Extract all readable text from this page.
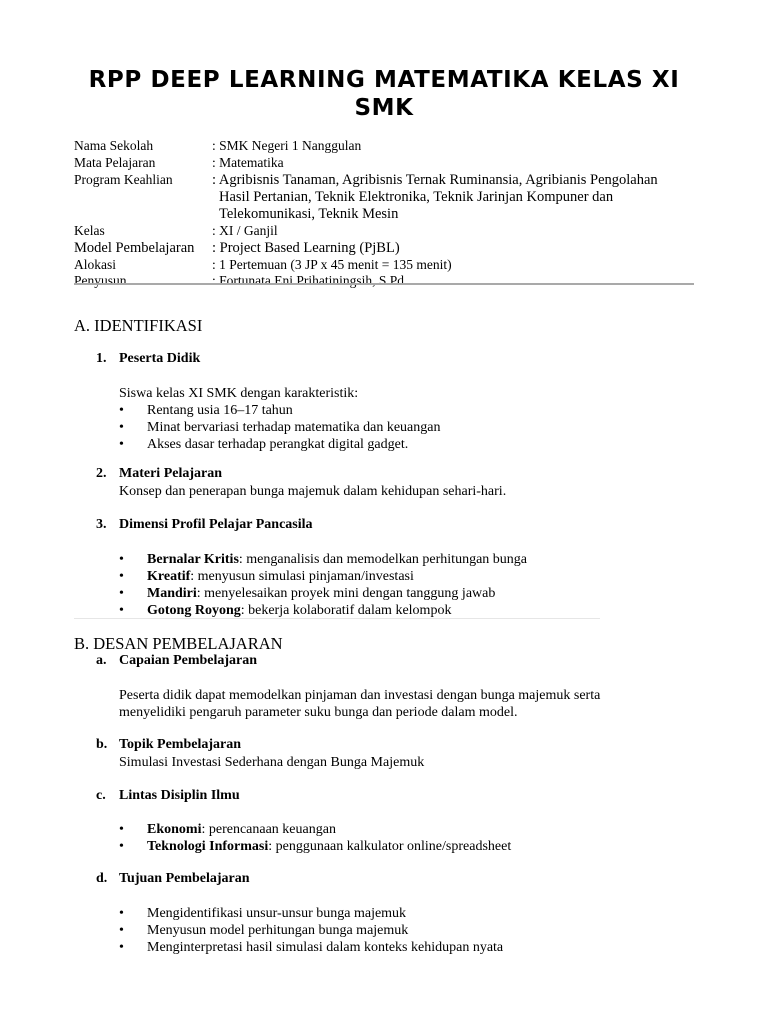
RPP DEEP LEARNING MATEMATIKA KELAS XI SMK
Nama Sekolah	: SMK Negeri 1 Nanggulan
Mata Pelajaran	: Matematika
Program Keahlian	: Agribisnis Tanaman, Agribisnis Ternak Ruminansia, Agribianis Pengolahan
Hasil Pertanian, Teknik Elektronika, Teknik Jarinjan Kompuner dan
Telekomunikasi, Teknik Mesin
Kelas	: XI / Ganjil
Model Pembelajaran : Project Based Learning (PjBL)
Alokasi	: 1 Pertemuan (3 JP x 45 menit = 135 menit)
Penyusun	: Fortunata Eni Prihatiningsih, S.Pd.
A. IDENTIFIKASI
1. Peserta Didik
Siswa kelas XI SMK dengan karakteristik:
• Rentang usia 16–17 tahun
• Minat bervariasi terhadap matematika dan keuangan
• Akses dasar terhadap perangkat digital gadget.
2. Materi Pelajaran
Konsep dan penerapan bunga majemuk dalam kehidupan sehari-hari.
3. Dimensi Profil Pelajar Pancasila
• Bernalar Kritis: menganalisis dan memodelkan perhitungan bunga
• Kreatif: menyusun simulasi pinjaman/investasi
• Mandiri: menyelesaikan proyek mini dengan tanggung jawab
• Gotong Royong: bekerja kolaboratif dalam kelompok
B. DESAN PEMBELAJARAN
a. Capaian Pembelajaran

Peserta didik dapat memodelkan pinjaman dan investasi dengan bunga majemuk serta

menyelidiki pengaruh parameter suku bunga dan periode dalam model.

b. Topik Pembelajaran
Simulasi Investasi Sederhana dengan Bunga Majemuk
c. Lintas Disiplin Ilmu
• Ekonomi: perencanaan keuangan
• Teknologi Informasi: penggunaan kalkulator online/spreadsheet
d. Tujuan Pembelajaran
• Mengidentifikasi unsur-unsur bunga majemuk
• Menyusun model perhitungan bunga majemuk
• Menginterpretasi hasil simulasi dalam konteks kehidupan nyata
